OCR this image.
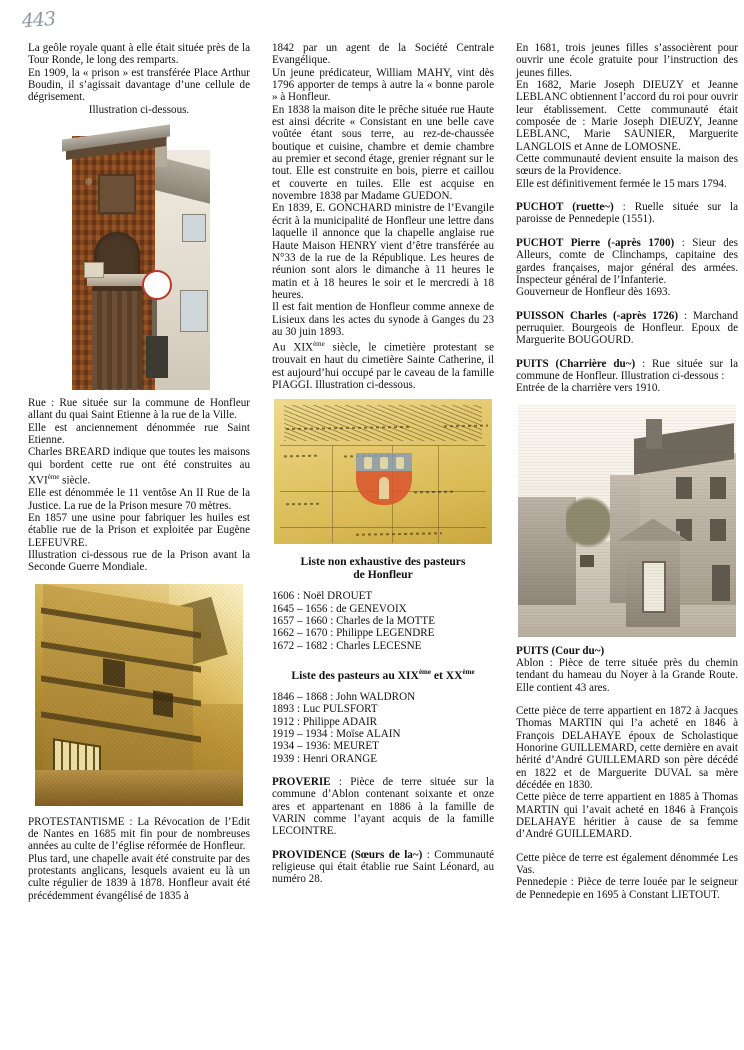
443

La geôle royale quant à elle était située près de la Tour Ronde, le long des remparts.

En 1909, la « prison » est transférée Place Arthur Boudin, il s’agissait davantage d’une cellule de dégrisement.

Illustration ci-dessous.

Rue : Rue située sur la commune de Honfleur allant du quai Saint Etienne à la rue de la Ville.

Elle est anciennement dénommée rue Saint Etienne.

Charles BREARD indique que toutes les maisons qui bordent cette rue ont été construites au XVIème siècle.

Elle est dénommée le 11 ventôse An II Rue de la Justice. La rue de la Prison mesure 70 mètres.

En 1857 une usine pour fabriquer les huiles est établie rue de la Prison et exploitée par Eugène LEFEUVRE.

Illustration ci-dessous rue de la Prison avant la Seconde Guerre Mondiale.

PROTESTANTISME : La Révocation de l’Edit de Nantes en 1685 mit fin pour de nombreuses années au culte de l’église réformée de Honfleur.

Plus tard, une chapelle avait été construite par des protestants anglicans, lesquels avaient eu là un culte régulier de 1839 à 1878. Honfleur avait été précédemment évangélisé de 1835 à

1842 par un agent de la Société Centrale Evangélique.

Un jeune prédicateur, William MAHY, vint dès 1796 apporter de temps à autre la « bonne parole » à Honfleur.

En 1838 la maison dite le prêche située rue Haute est ainsi décrite « Consistant en une belle cave voûtée étant sous terre, au rez-de-chaussée boutique et cuisine, chambre et demie chambre au premier et second étage, grenier régnant sur le tout. Elle est construite en bois, pierre et caillou et couverte en tuiles. Elle est acquise en novembre 1838 par Madame GUEDON.

En 1839, E. GONCHARD ministre de l’Evangile écrit à la municipalité de Honfleur une lettre dans laquelle il annonce que la chapelle anglaise rue Haute Maison HENRY vient d’être transférée au N°33 de la rue de la République. Les heures de réunion sont alors le dimanche à 11 heures le matin et à 18 heures le soir et le mercredi à 18 heures.

Il est fait mention de Honfleur comme annexe de Lisieux dans les actes du synode à Ganges du 23 au 30 juin 1893.

Au XIXème siècle, le cimetière protestant se trouvait en haut du cimetière Sainte Catherine, il est aujourd’hui occupé par le caveau de la famille PIAGGI. Illustration ci-dessous.

Liste non exhaustive des pasteurs

de Honfleur

1606 : Noël DROUET

1645 – 1656 : de GENEVOIX

1657 – 1660 : Charles de la MOTTE

1662 – 1670 : Philippe LEGENDRE

1672 – 1682 : Charles LECESNE

Liste des pasteurs au XIXème et XXème

1846 – 1868 : John WALDRON

1893 : Luc PULSFORT

1912 : Philippe ADAIR

1919 – 1934 : Moïse ALAIN

1934 – 1936: MEURET

1939 : Henri ORANGE

PROVERIE : Pièce de terre située sur la commune d’Ablon contenant soixante et onze ares et appartenant en 1886 à la famille de VARIN comme l’ayant acquis de la famille LECOINTRE.

PROVIDENCE (Sœurs de la~) : Communauté religieuse qui était établie rue Saint Léonard, au numéro 28.

En 1681, trois jeunes filles s’associèrent pour ouvrir une école gratuite pour l’instruction des jeunes filles.

En 1682, Marie Joseph DIEUZY et Jeanne LEBLANC obtiennent l’accord du roi pour ouvrir leur établissement. Cette communauté était composée de : Marie Joseph DIEUZY, Jeanne LEBLANC, Marie SAUNIER, Marguerite LANGLOIS et Anne de LOMOSNE.

Cette communauté devient ensuite la maison des sœurs de la Providence.

Elle est définitivement fermée le 15 mars 1794.

PUCHOT (ruette~) : Ruelle située sur la paroisse de Pennedepie (1551).

PUCHOT Pierre (-après 1700) : Sieur des Alleurs, comte de Clinchamps, capitaine des gardes françaises, major général des armées. Inspecteur général de l’Infanterie.

Gouverneur de Honfleur dès 1693.

PUISSON Charles (-après 1726) : Marchand perruquier. Bourgeois de Honfleur. Epoux de Marguerite BOUGOURD.

PUITS (Charrière du~) : Rue située sur la commune de Honfleur. Illustration ci-dessous :

Entrée de la charrière vers 1910.

PUITS (Cour du~)

Ablon : Pièce de terre située près du chemin tendant du hameau du Noyer à la Grande Route. Elle contient 43 ares.

Cette pièce de terre appartient en 1872 à Jacques Thomas MARTIN qui l’a acheté en 1846 à François DELAHAYE époux de Scholastique Honorine GUILLEMARD, cette dernière en avait hérité d’André GUILLEMARD son père décédé en 1822 et de Marguerite DUVAL sa mère décédée en 1830.

Cette pièce de terre appartient en 1885 à Thomas MARTIN qui l’avait acheté en 1846 à François DELAHAYE héritier à cause de sa femme d’André GUILLEMARD.

Cette pièce de terre est également dénommée Les Vas.

Pennedepie : Pièce de terre louée par le seigneur de Pennedepie en 1695 à Constant LIETOUT.
